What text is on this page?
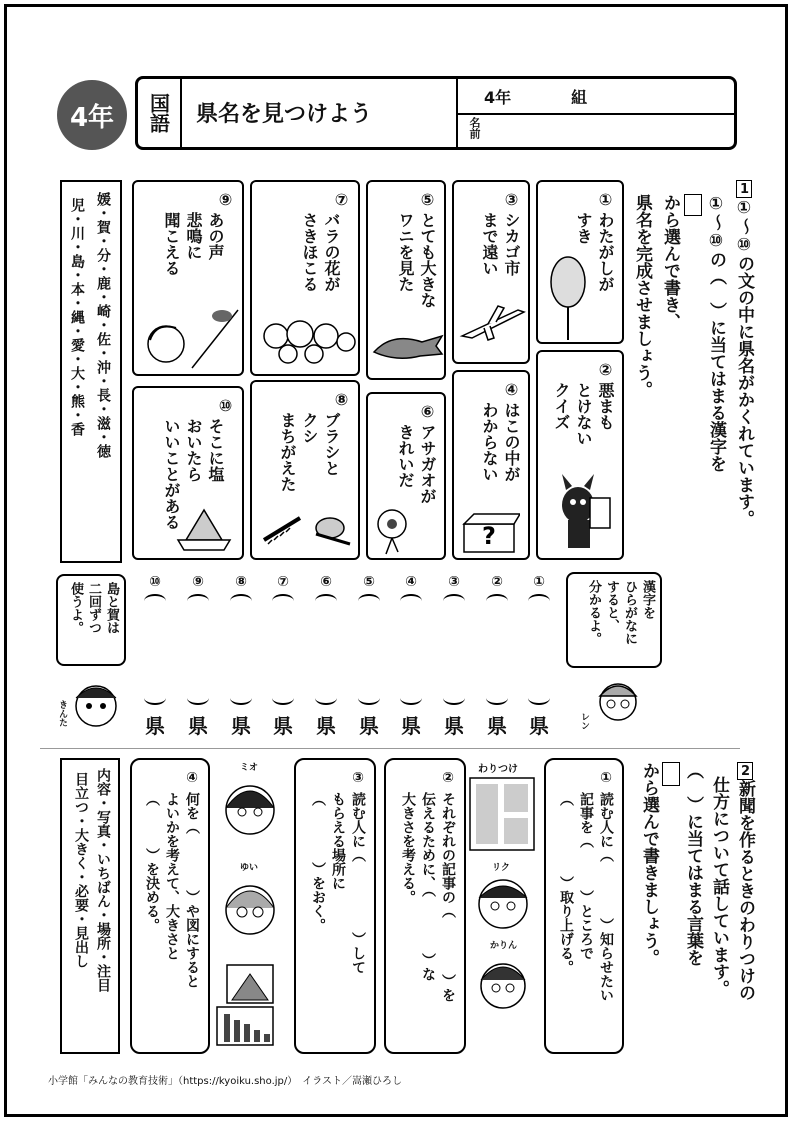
4年	国語	県名を見つけよう
4年	組
名前
1①〜⑩の文の中に県名がかくれています。
①〜⑩の（　）に当てはまる漢字を
から選んで書き、
県名を完成させましょう。
①
わたがしが
すき
②
悪まも
とけない
クイズ
③
シカゴ市
まで遠い
④
はこの中が
わからない
?
⑤
とても大きな
ワニを見た
⑥
アサガオが
きれいだ
⑦
バラの花が
さきほこる
⑧
ブラシと
クシ
まちがえた
⑨
あの声
悲鳴に
聞こえる
⑩
そこに塩
おいたら
いいことがある
媛・賀・分・鹿・崎・佐・沖・長・滋・徳
児・川・島・本・縄・愛・大・熊・香
①
県
②
県
③
県
④
県
⑤
県
⑥
県
⑦
県
⑧
県
⑨
県
⑩
県
漢字を
ひらがなに
すると、
分かるよ。
レン
島と賀は
二回ずつ
使うよ。
きんた
2新聞を作るときのわりつけの
仕方について話しています。
（　）に当てはまる言葉を
から選んで書きましょう。
①
読む人に（　　　　）知らせたい
記事を（　　　）ところで
（　　　　　）取り上げる。
わりつけ
リク
かりん
②
それぞれの記事の（　　　　）を
伝えるために、（　　　　）な
大きさを考える。
③
読む人に（　　　　　）して
もらえる場所に
（　　　　）をおく。
ミオ
ゆい
④
何を（　　　　）や図にすると
よいかを考えて、大きさと
（　　　）を決める。
内容・写真・いちばん・場所・注目
目立つ・大きく・必要・見出し
小学館「みんなの教育技術」（https://kyoiku.sho.jp/）　イラスト／嵩瀬ひろし
